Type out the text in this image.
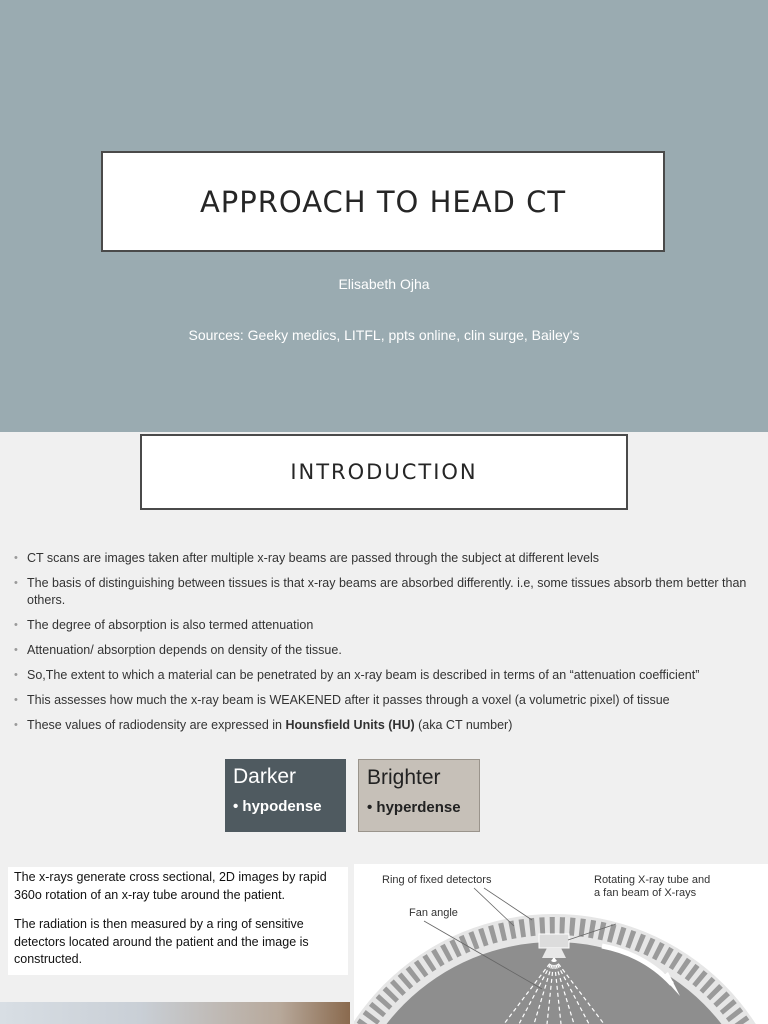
APPROACH TO HEAD CT
Elisabeth Ojha
Sources: Geeky medics, LITFL, ppts online, clin surge, Bailey's
INTRODUCTION
• CT scans are images taken after multiple x-ray beams are passed through the subject at different levels
• The basis of distinguishing between tissues is that x-ray beams are absorbed differently. i.e, some tissues absorb them better than others.
• The degree of absorption is also termed attenuation
• Attenuation/ absorption depends on density of the tissue.
• So,The extent to which a material can be penetrated by an x-ray beam is described in terms of an “attenuation coefficient”
• This assesses how much the x-ray beam is WEAKENED after it passes through a voxel (a volumetric pixel) of tissue
• These values of radiodensity are expressed in Hounsfield Units (HU) (aka CT number)
Darker
• hypodense
Brighter
• hyperdense

The x-rays generate cross sectional, 2D images by rapid 360o rotation of an x-ray tube around the patient.

The radiation is then measured by a ring of sensitive detectors located around the patient and the image is constructed.

Ring of fixed detectors	Rotating X-ray tube and
a fan beam of X-rays
Fan angle
